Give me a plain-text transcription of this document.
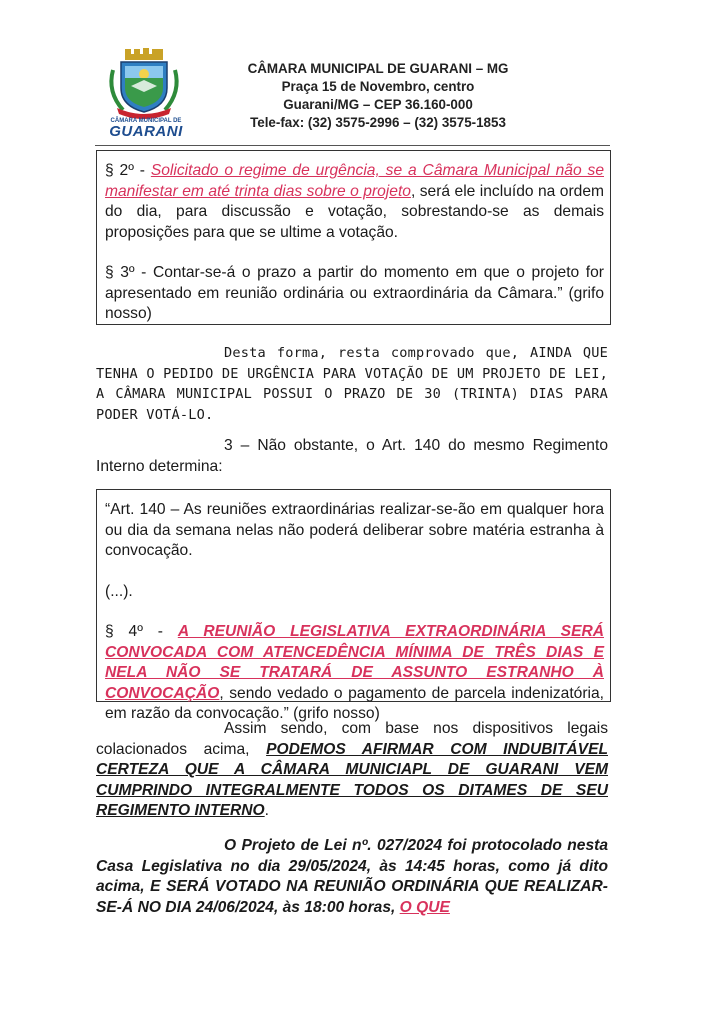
CÂMARA MUNICIPAL DE
GUARANI
CÂMARA MUNICIPAL DE GUARANI – MG
Praça 15 de Novembro, centro
Guarani/MG – CEP 36.160-000
Tele-fax: (32) 3575-2996 – (32) 3575-1853

§ 2º - Solicitado o regime de urgência, se a Câmara Municipal não se manifestar em até trinta dias sobre o projeto, será ele incluído na ordem do dia, para discussão e votação, sobrestando-se as demais proposições para que se ultime a votação.

§ 3º - Contar-se-á o prazo a partir do momento em que o projeto for apresentado em reunião ordinária ou extraordinária da Câmara.” (grifo nosso)

Desta forma, resta comprovado que, AINDA QUE TENHA O PEDIDO DE URGÊNCIA PARA VOTAÇÃO DE UM PROJETO DE LEI, A CÂMARA MUNICIPAL POSSUI O PRAZO DE 30 (TRINTA) DIAS PARA PODER VOTÁ-LO.

3 – Não obstante, o Art. 140 do mesmo Regimento Interno determina:

“Art. 140 – As reuniões extraordinárias realizar-se-ão em qualquer hora ou dia da semana nelas não poderá deliberar sobre matéria estranha à convocação.

(...).

§ 4º - A REUNIÃO LEGISLATIVA EXTRAORDINÁRIA SERÁ CONVOCADA COM ATENCEDÊNCIA MÍNIMA DE TRÊS DIAS E NELA NÃO SE TRATARÁ DE ASSUNTO ESTRANHO À CONVOCAÇÃO, sendo vedado o pagamento de parcela indenizatória, em razão da convocação.” (grifo nosso)

Assim sendo, com base nos dispositivos legais colacionados acima, PODEMOS AFIRMAR COM INDUBITÁVEL CERTEZA QUE A CÂMARA MUNICIAPL DE GUARANI VEM CUMPRINDO INTEGRALMENTE TODOS OS DITAMES DE SEU REGIMENTO INTERNO.

O Projeto de Lei nº. 027/2024 foi protocolado nesta Casa Legislativa no dia 29/05/2024, às 14:45 horas, como já dito acima, E SERÁ VOTADO NA REUNIÃO ORDINÁRIA QUE REALIZAR-SE-Á NO DIA 24/06/2024, às 18:00 horas, O QUE
